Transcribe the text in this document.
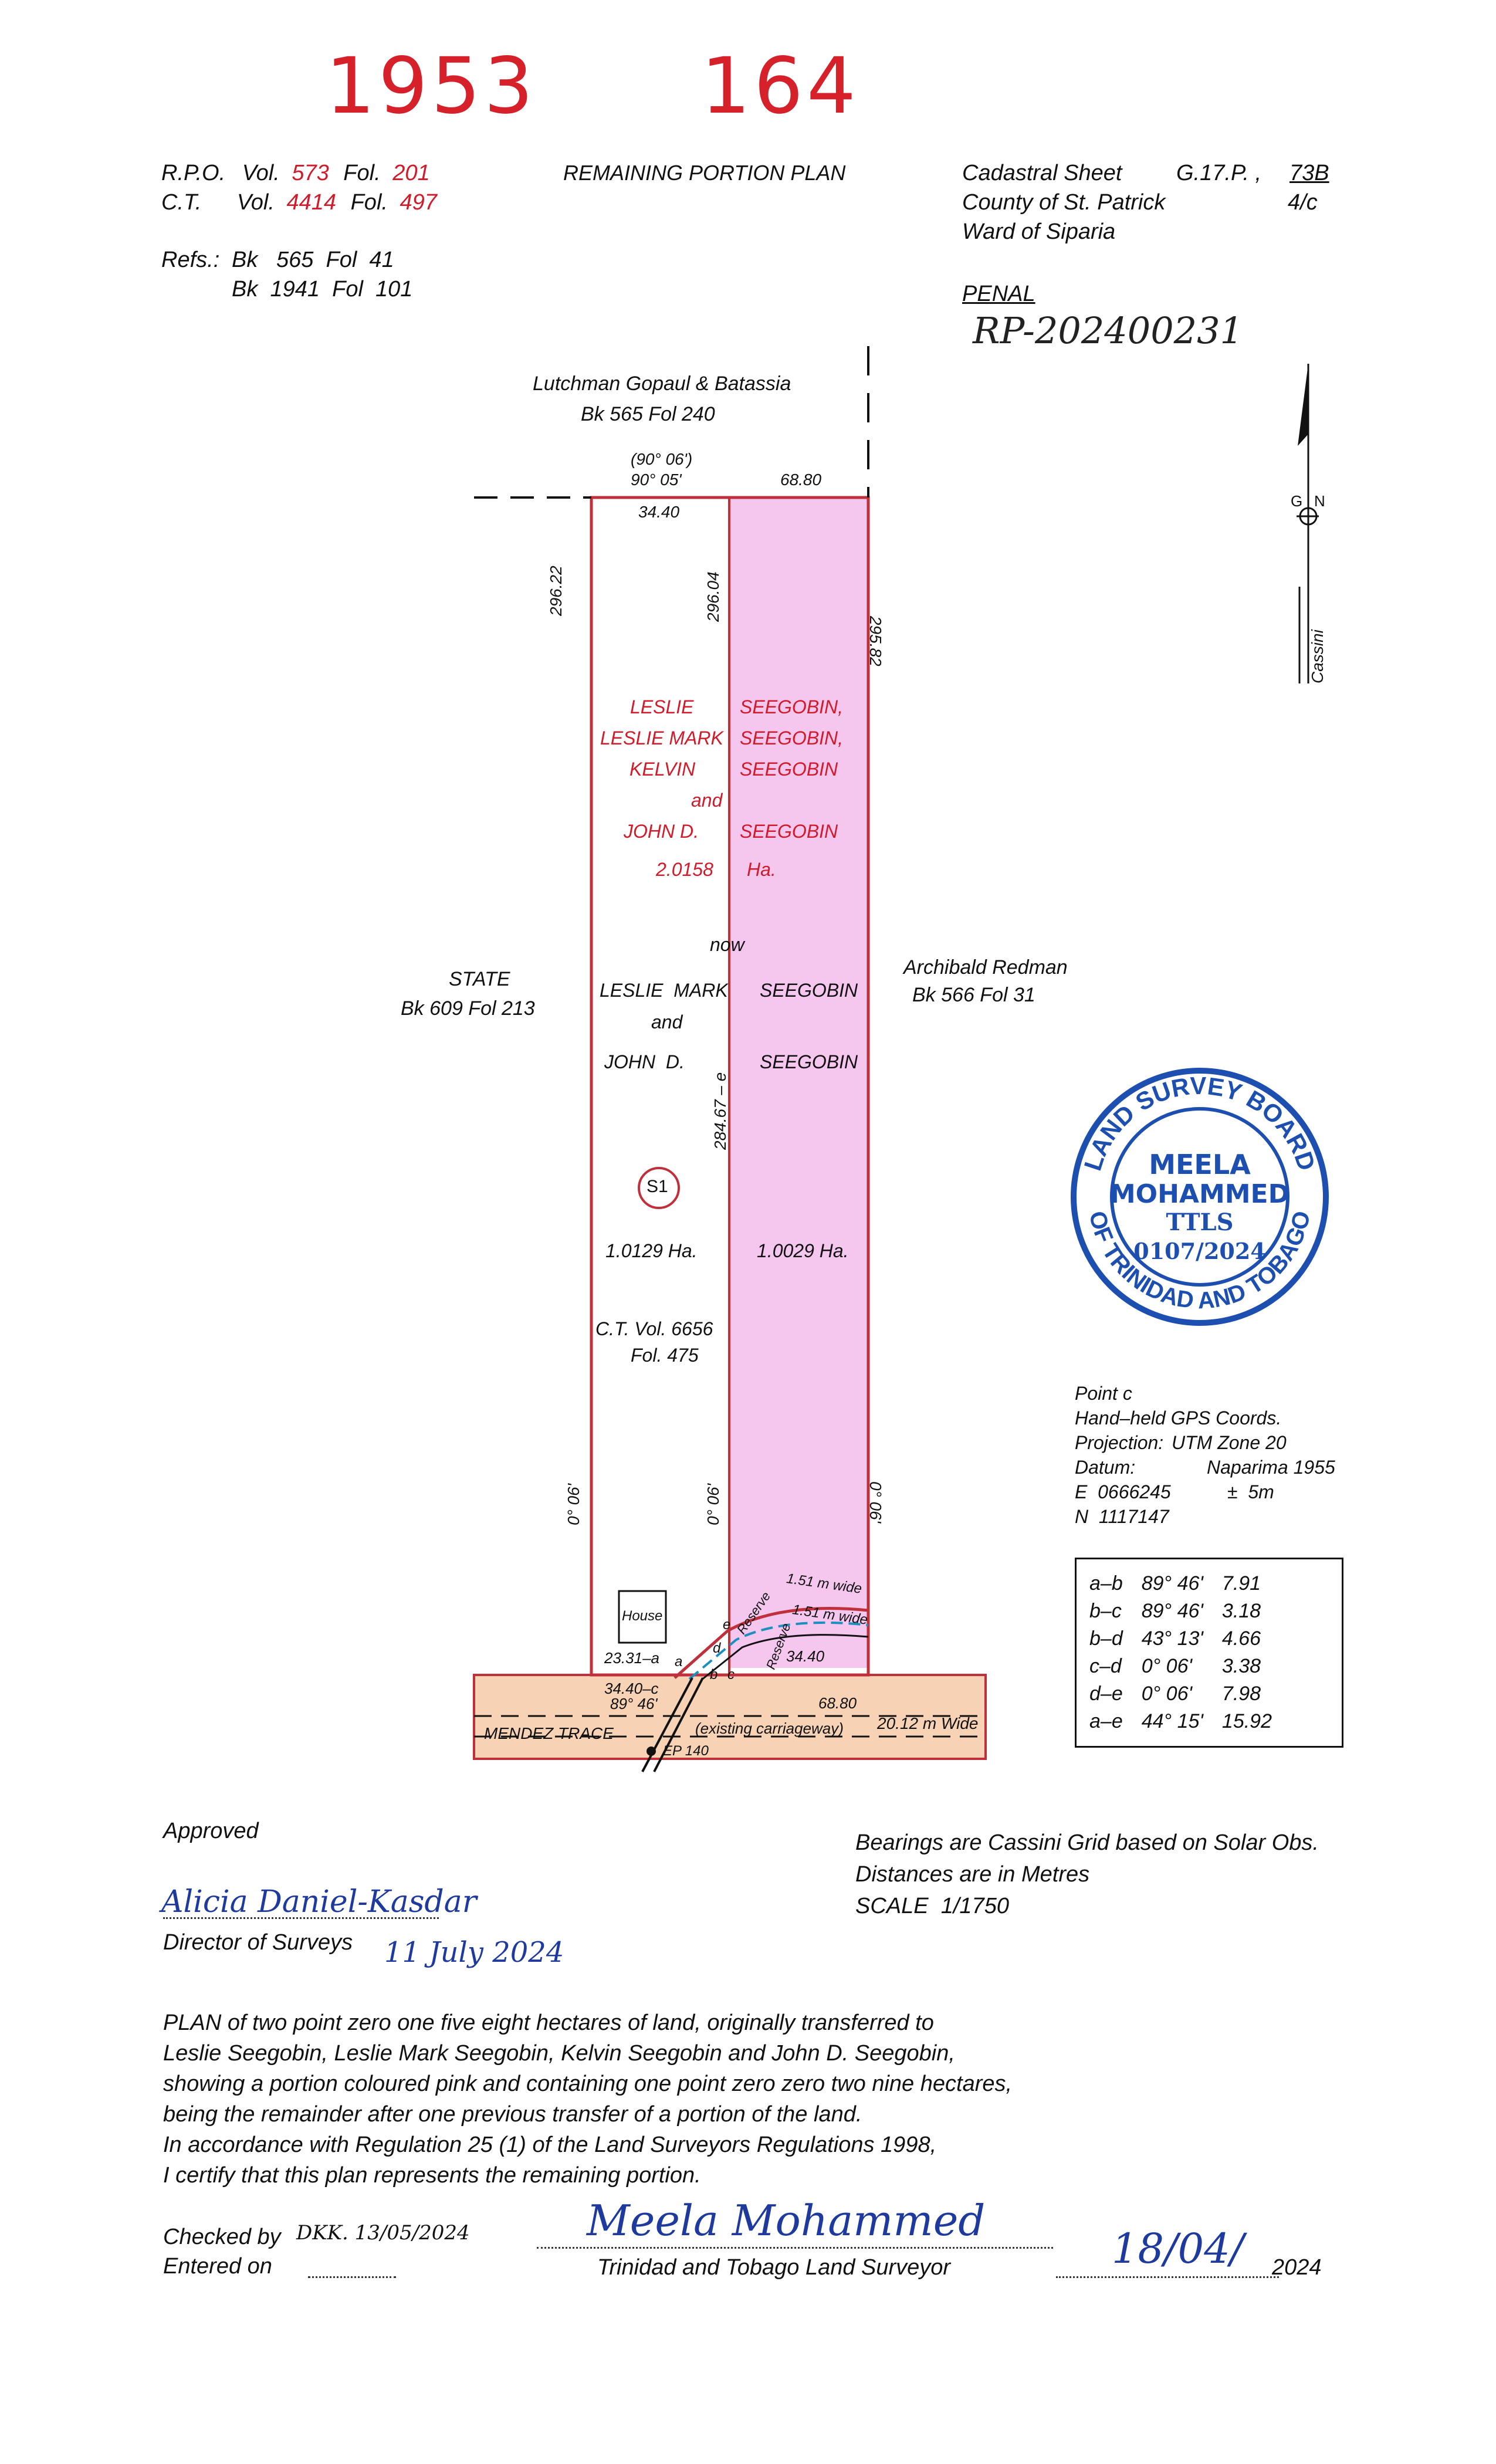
1953 164
R.P.O. Vol. 573 Fol. 201
C.T. Vol. 4414 Fol. 497
Refs.: Bk   565  Fol  41
Bk  1941  Fol  101
REMAINING PORTION PLAN	Cadastral Sheet G.17.P. , 73B
County of St. Patrick	4/c
Ward of Siparia
PENAL
RP-202400231
Lutchman Gopaul & Batassia
Bk 565 Fol 240
(90° 06')
90° 05'	68.80
34.40
296.22	296.04
295.82
284.67 – e
0° 06'	0° 06'	0° 06'
LESLIE SEEGOBIN,
LESLIE MARK SEEGOBIN,
KELVIN SEEGOBIN
and
JOHN D. SEEGOBIN
2.0158 Ha.
now
LESLIE  MARK SEEGOBIN
and
JOHN  D.	SEEGOBIN
STATE
Bk 609 Fol 213
Archibald Redman
Bk 566 Fol 31
S1
1.0129 Ha.	1.0029 Ha.
C.T. Vol. 6656
Fol. 475
House	Reserve
1.51 m wide
1.51 m wide
Reserve
a
b c
d
e
23.31–a	34.40
34.40–c
89° 46'	68.80
MENDEZ TRACE	(existing carriageway) 20.12 m Wide
EP 140
G N
Cassini
LAND SURVEY BOARD
OF TRINIDAD AND TOBAGO
MEELA
MOHAMMED
TTLS
0107/2024
Point c
Hand–held GPS Coords.
Projection: UTM Zone 20
Datum:	Naparima 1955
E  0666245	±  5m
N  1117147
a–b	89° 46'	7.91
b–c	89° 46'	3.18
b–d	43° 13'	4.66
c–d	0° 06'	3.38
d–e	0° 06'	7.98
a–e	44° 15'	15.92
Approved
Alicia Daniel-Kasdar
Director of Surveys 11 July 2024
Bearings are Cassini Grid based on Solar Obs.
Distances are in Metres
SCALE  1/1750
PLAN of two point zero one five eight hectares of land, originally transferred to
Leslie Seegobin, Leslie Mark Seegobin, Kelvin Seegobin and John D. Seegobin,
showing a portion coloured pink and containing one point zero zero two nine hectares,
being the remainder after one previous transfer of a portion of the land.
In accordance with Regulation 25 (1) of the Land Surveyors Regulations 1998,
I certify that this plan represents the remaining portion.
Checked by DKK. 13/05/2024
Entered on
Meela Mohammed
Trinidad and Tobago Land Surveyor	18/04/ 2024
